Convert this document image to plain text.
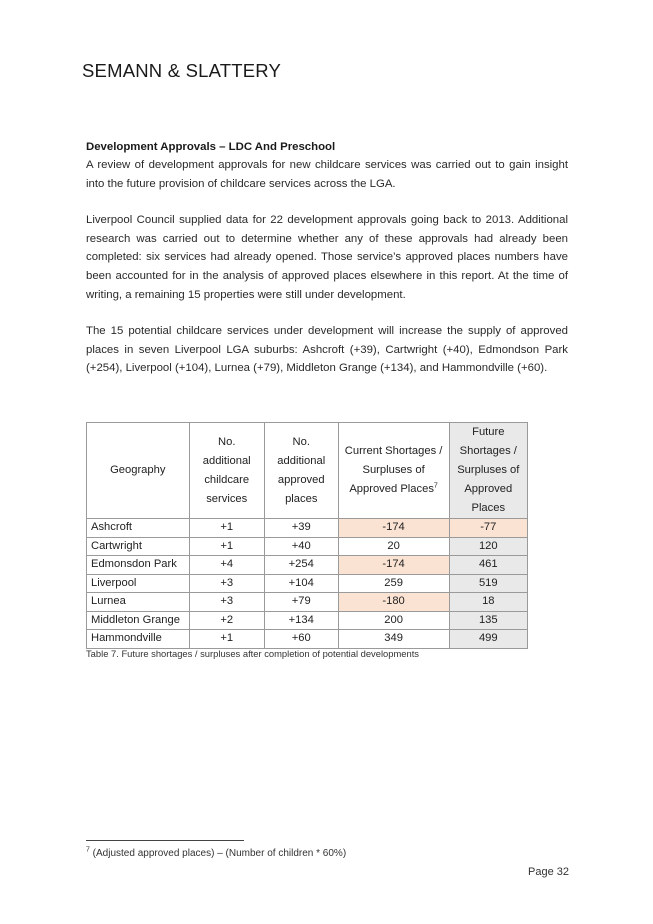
SEMANN & SLATTERY

Development Approvals – LDC And Preschool

A review of development approvals for new childcare services was carried out to gain insight into the future provision of childcare services across the LGA.

Liverpool Council supplied data for 22 development approvals going back to 2013. Additional research was carried out to determine whether any of these approvals had already been completed: six services had already opened. Those service’s approved places numbers have been accounted for in the analysis of approved places elsewhere in this report. At the time of writing, a remaining 15 properties were still under development.

The 15 potential childcare services under development will increase the supply of approved places in seven Liverpool LGA suburbs: Ashcroft (+39), Cartwright (+40), Edmondson Park (+254), Liverpool (+104), Lurnea (+79), Middleton Grange (+134), and Hammondville (+60).

Geography	No. additional childcare services	No. additional approved places	Current Shortages / Surpluses of Approved Places$^7$	Future Shortages / Surpluses of Approved Places
Ashcroft	+1	+39	-174	-77
Cartwright	+1	+40	20	120
Edmonsdon Park	+4	+254	-174	461
Liverpool	+3	+104	259	519
Lurnea	+3	+79	-180	18
Middleton Grange	+2	+134	200	135
Hammondville	+1	+60	349	499
Table 7. Future shortages / surpluses after completion of potential developments
$^7$ (Adjusted approved places) – (Number of children * 60%)
Page 32
